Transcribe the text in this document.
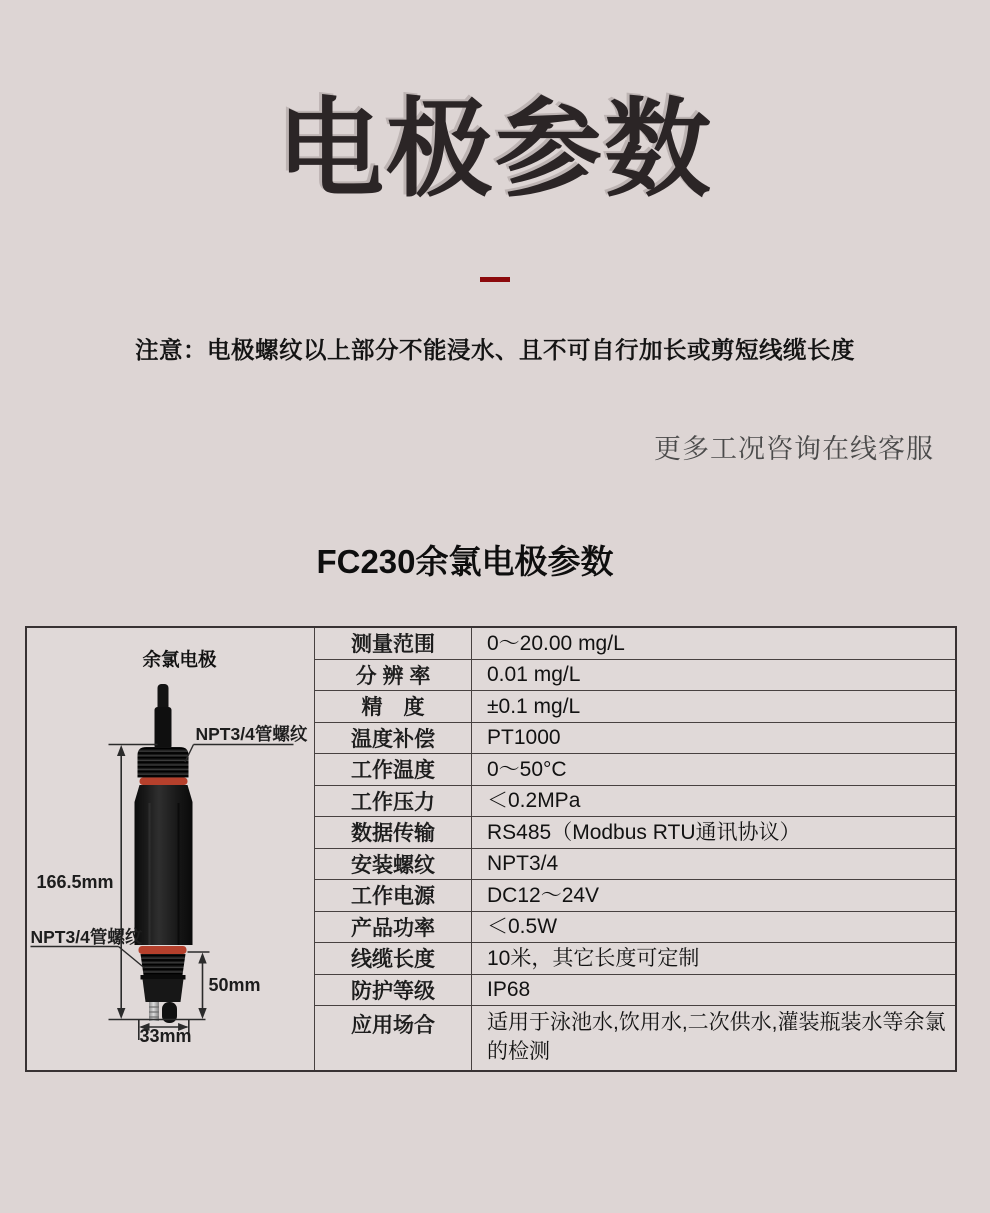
电极参数

注意：电极螺纹以上部分不能浸水、且不可自行加长或剪短线缆长度

更多工况咨询在线客服

FC230余氯电极参数
余氯电极
166.5mm
50mm
33mm
NPT3/4管螺纹
NPT3/4管螺纹
测量范围	0～20.00 mg/L
分 辨 率	0.01 mg/L
精　度	±0.1 mg/L
温度补偿	PT1000
工作温度	0～50°C
工作压力	＜0.2MPa
数据传输	RS485（Modbus RTU通讯协议）
安装螺纹	NPT3/4
工作电源	DC12～24V
产品功率	＜0.5W
线缆长度	10米，其它长度可定制
防护等级	IP68
应用场合	适用于泳池水,饮用水,二次供水,灌装瓶装水等余氯的检测
